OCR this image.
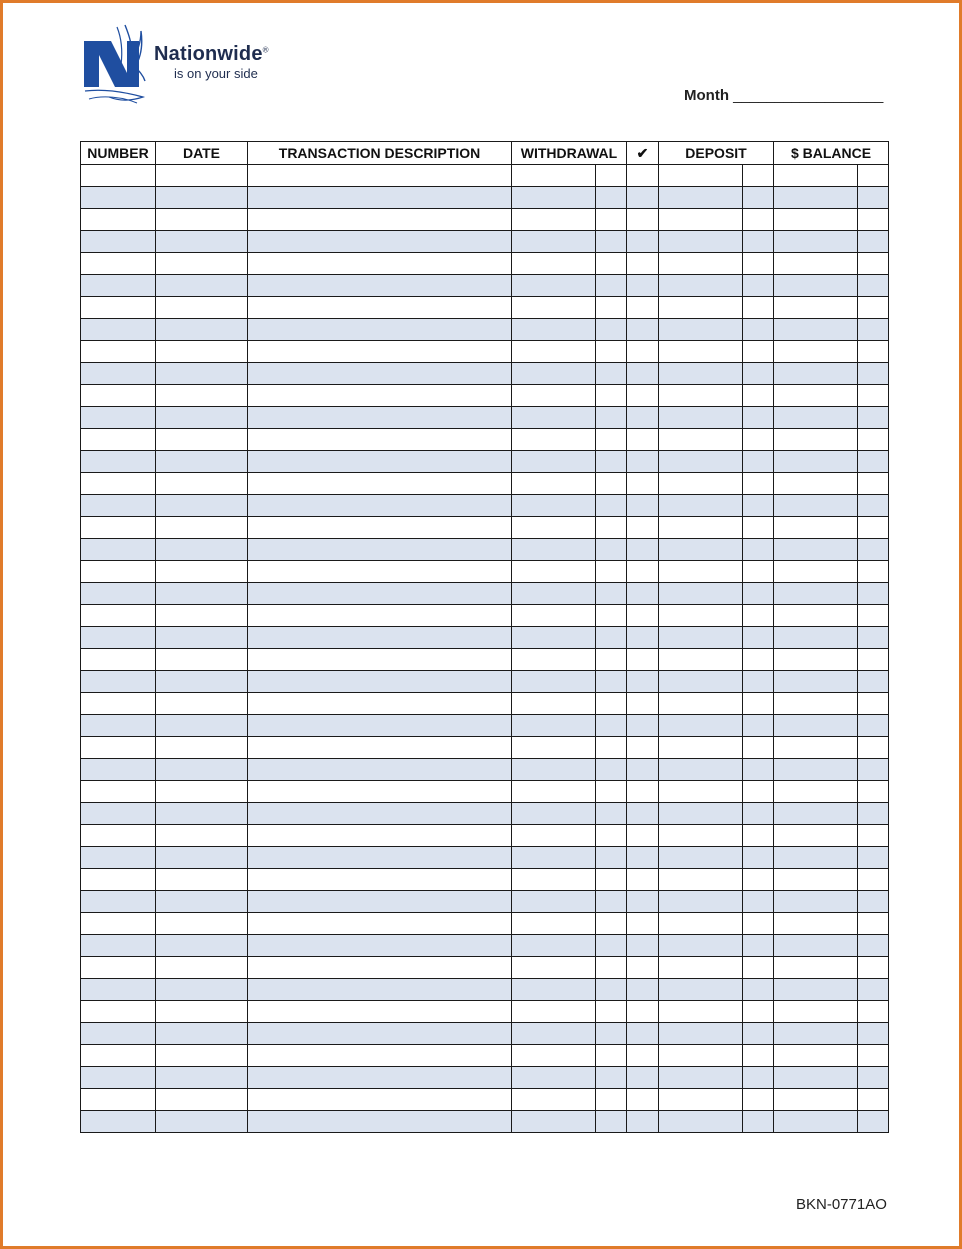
Nationwide®
is on your side
Month __________________
NUMBER	DATE	TRANSACTION DESCRIPTION	WITHDRAWAL		✔	DEPOSIT		$ BALANCE	

BKN-0771AO
